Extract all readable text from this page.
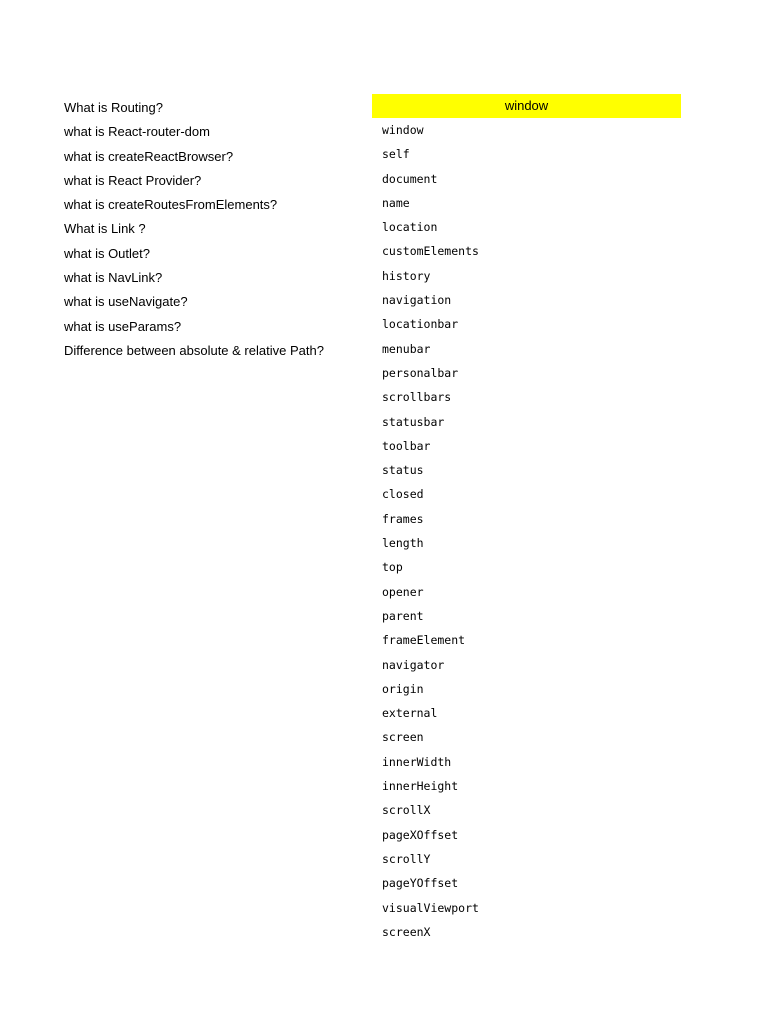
What is Routing?
what is React-router-dom
what is createReactBrowser?
what is React Provider?
what is createRoutesFromElements?
What is Link ?
what is Outlet?
what is NavLink?
what is useNavigate?
what is useParams?
Difference between absolute & relative Path?
window
window
self
document
name
location
customElements
history
navigation
locationbar
menubar
personalbar
scrollbars
statusbar
toolbar
status
closed
frames
length
top
opener
parent
frameElement
navigator
origin
external
screen
innerWidth
innerHeight
scrollX
pageXOffset
scrollY
pageYOffset
visualViewport
screenX
